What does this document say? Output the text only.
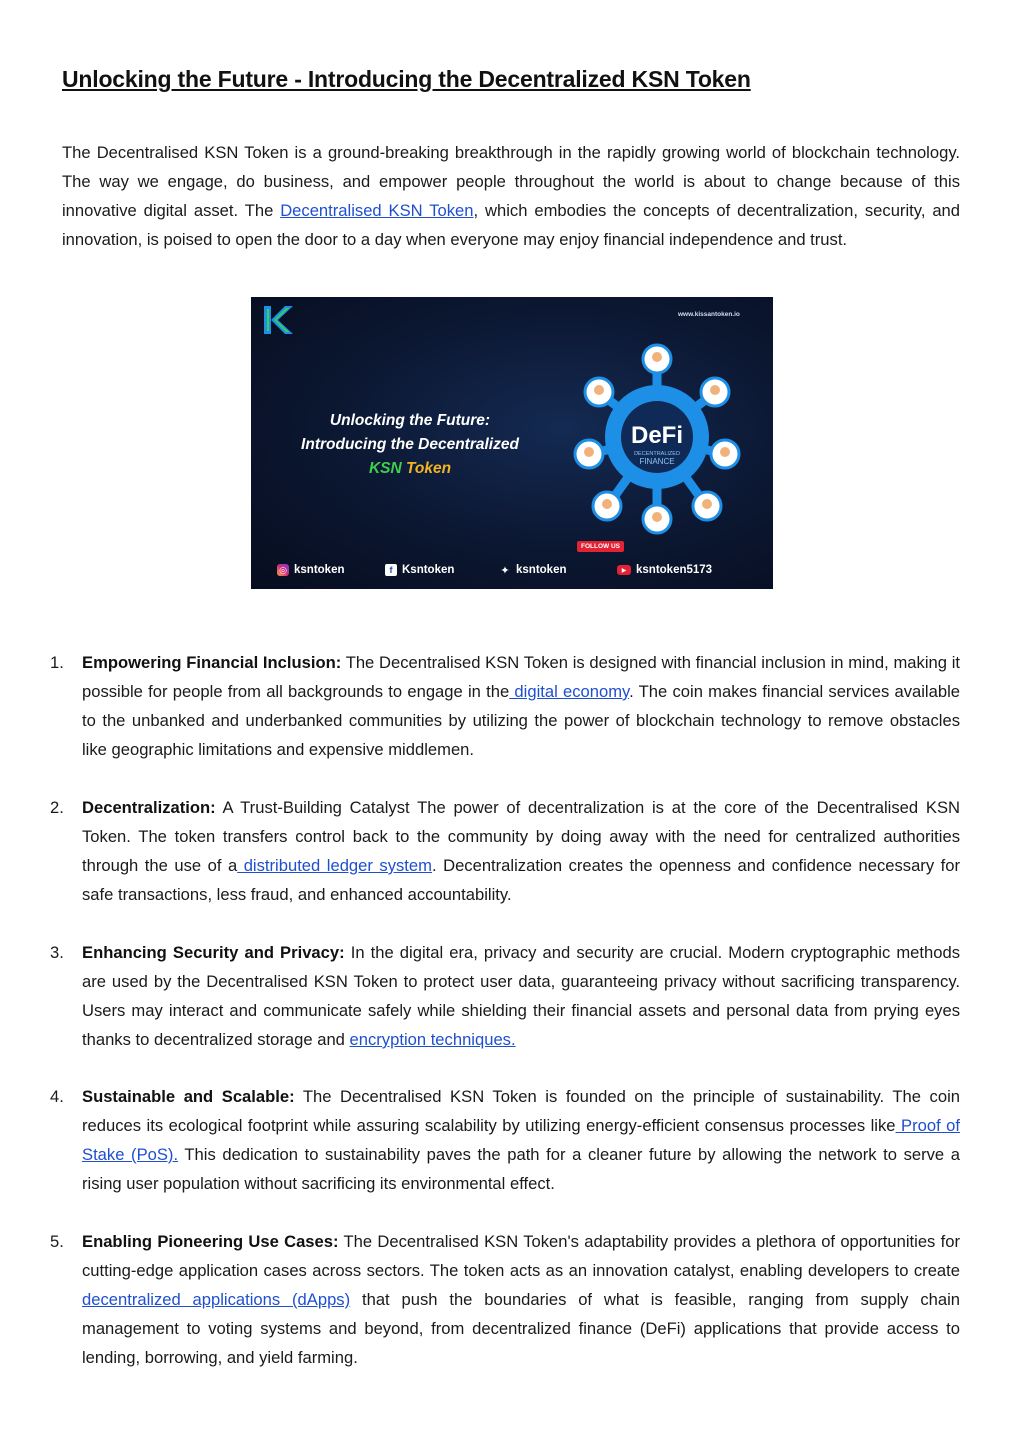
Unlocking the Future - Introducing the Decentralized KSN Token

The Decentralised KSN Token is a ground-breaking breakthrough in the rapidly growing world of blockchain technology. The way we engage, do business, and empower people throughout the world is about to change because of this innovative digital asset. The Decentralised KSN Token, which embodies the concepts of decentralization, security, and innovation, is poised to open the door to a day when everyone may enjoy financial independence and trust.

www.kissantoken.io
Unlocking the Future:
Introducing the Decentralized
KSN Token
DeFi
DECENTRALIZED
FINANCE
FOLLOW US
◎ ksntoken	f Ksntoken	✦ ksntoken	▶ ksntoken5173
1. Empowering Financial Inclusion: The Decentralised KSN Token is designed with financial inclusion in mind, making it possible for people from all backgrounds to engage in the digital economy. The coin makes financial services available to the unbanked and underbanked communities by utilizing the power of blockchain technology to remove obstacles like geographic limitations and expensive middlemen.

2. Decentralization: A Trust-Building Catalyst The power of decentralization is at the core of the Decentralised KSN Token. The token transfers control back to the community by doing away with the need for centralized authorities through the use of a distributed ledger system. Decentralization creates the openness and confidence necessary for safe transactions, less fraud, and enhanced accountability.

3. Enhancing Security and Privacy: In the digital era, privacy and security are crucial. Modern cryptographic methods are used by the Decentralised KSN Token to protect user data, guaranteeing privacy without sacrificing transparency. Users may interact and communicate safely while shielding their financial assets and personal data from prying eyes thanks to decentralized storage and encryption techniques.

4. Sustainable and Scalable: The Decentralised KSN Token is founded on the principle of sustainability. The coin reduces its ecological footprint while assuring scalability by utilizing energy-efficient consensus processes like Proof of Stake (PoS). This dedication to sustainability paves the path for a cleaner future by allowing the network to serve a rising user population without sacrificing its environmental effect.

5. Enabling Pioneering Use Cases: The Decentralised KSN Token's adaptability provides a plethora of opportunities for cutting-edge application cases across sectors. The token acts as an innovation catalyst, enabling developers to create decentralized applications (dApps) that push the boundaries of what is feasible, ranging from supply chain management to voting systems and beyond, from decentralized finance (DeFi) applications that provide access to lending, borrowing, and yield farming.
